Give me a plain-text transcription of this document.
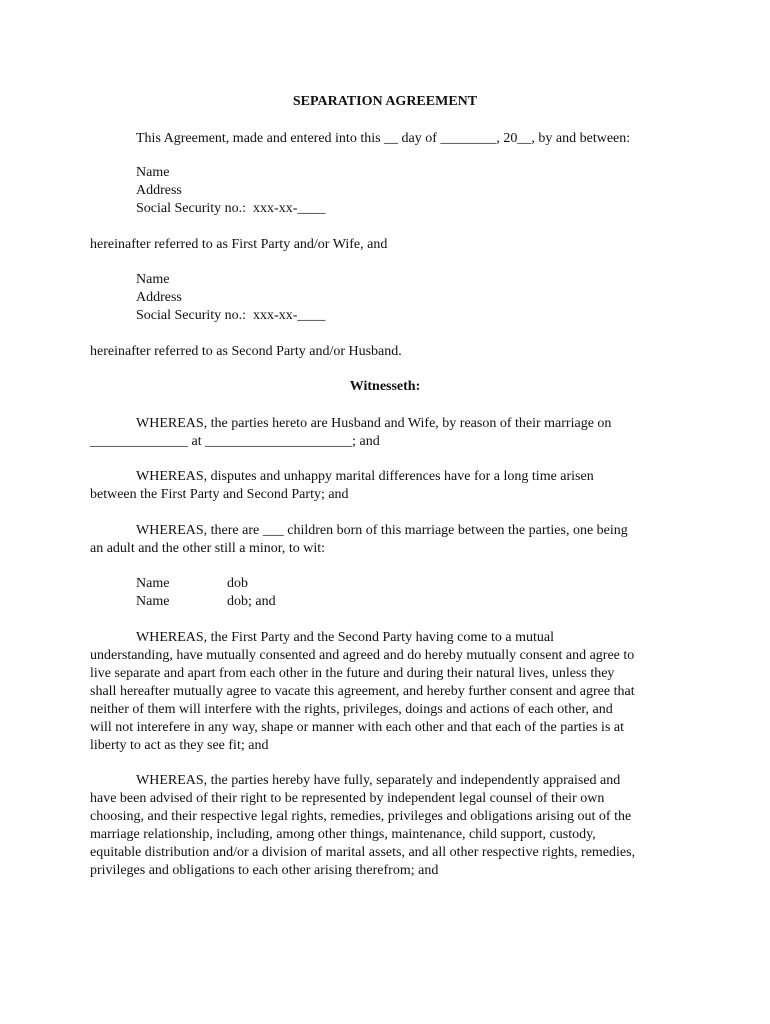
SEPARATION AGREEMENT
This Agreement, made and entered into this __ day of ________, 20__, by and between:
Name
Address
Social Security no.:  xxx-xx-____
hereinafter referred to as First Party and/or Wife, and
Name
Address
Social Security no.:  xxx-xx-____
hereinafter referred to as Second Party and/or Husband.
Witnesseth:
WHEREAS, the parties hereto are Husband and Wife, by reason of their marriage on
______________ at _____________________; and
WHEREAS, disputes and unhappy marital differences have for a long time arisen
between the First Party and Second Party; and
WHEREAS, there are ___ children born of this marriage between the parties, one being
an adult and the other still a minor, to wit:
Name	dob
Name	dob; and
WHEREAS, the First Party and the Second Party having come to a mutual
understanding, have mutually consented and agreed and do hereby mutually consent and agree to
live separate and apart from each other in the future and during their natural lives, unless they
shall hereafter mutually agree to vacate this agreement, and hereby further consent and agree that
neither of them will interfere with the rights, privileges, doings and actions of each other, and
will not interefere in any way, shape or manner with each other and that each of the parties is at
liberty to act as they see fit; and
WHEREAS, the parties hereby have fully, separately and independently appraised and
have been advised of their right to be represented by independent legal counsel of their own
choosing, and their respective legal rights, remedies, privileges and obligations arising out of the
marriage relationship, including, among other things, maintenance, child support, custody,
equitable distribution and/or a division of marital assets, and all other respective rights, remedies,
privileges and obligations to each other arising therefrom; and
